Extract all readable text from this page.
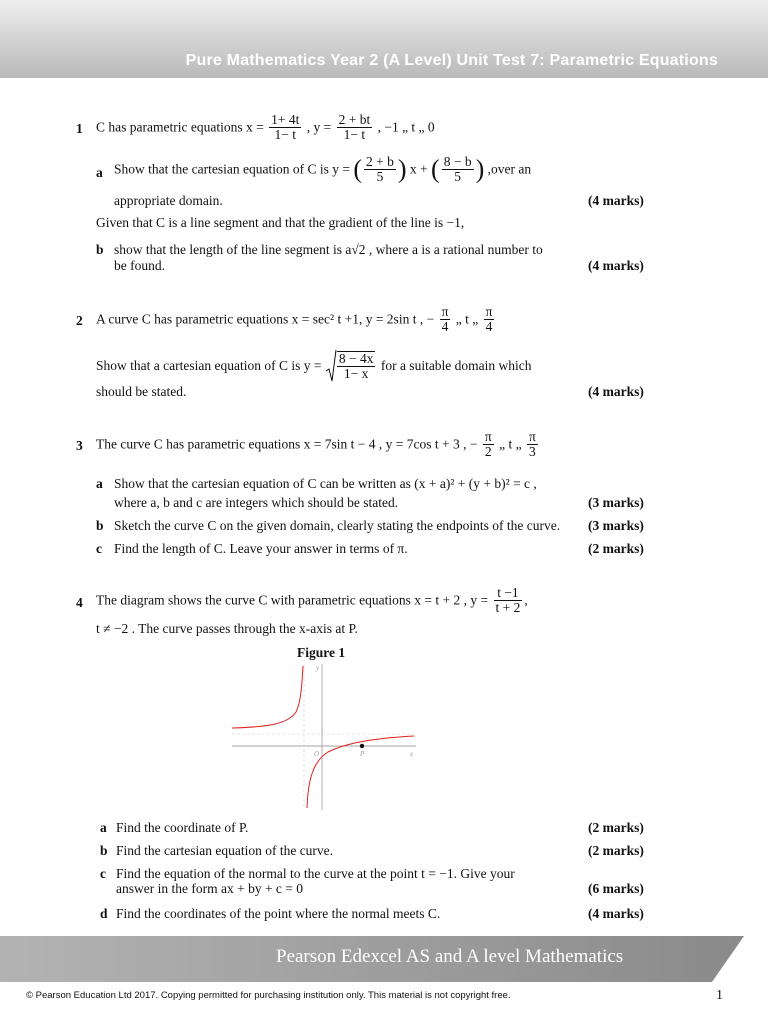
Pure Mathematics Year 2 (A Level) Unit Test 7: Parametric Equations
1 C has parametric equations $x = \frac{1+ 4t}{1- t}$ , $y = \frac{2 + bt}{1- t}$ , −1 „ t „ 0
a Show that the cartesian equation of C is y = ( $\frac{2 + b}{5}$ ) x + ( $\frac{8 - b}{5}$ ) ,over an
appropriate domain.	(4 marks)
Given that C is a line segment and that the gradient of the line is −1,
b show that the length of the line segment is a√2 , where a is a rational number to
be found.	(4 marks)
2 A curve C has parametric equations x = sec² t +1, y = 2sin t , − $\frac{\pi}{4}$ „ t „ $\frac{\pi}{4}$
Show that a cartesian equation of C is $y = \frac{8 - 4x}{1- x}$ for a suitable domain which
should be stated.	(4 marks)
3 The curve C has parametric equations x = 7sin t − 4 , y = 7cos t + 3 , − $\frac{\pi}{2}$ „ t „ $\frac{\pi}{3}$
a Show that the cartesian equation of C can be written as (x + a)² + (y + b)² = c ,
where a, b and c are integers which should be stated.	(3 marks)
b Sketch the curve C on the given domain, clearly stating the endpoints of the curve. (3 marks)
c Find the length of C. Leave your answer in terms of π.	(2 marks)
4 The diagram shows the curve C with parametric equations x = t + 2 , $y = \frac{t -1}{t + 2}$ ,
t ≠ −2 . The curve passes through the x-axis at P.
Figure 1
y
x
O	P
a Find the coordinate of P.	(2 marks)
b Find the cartesian equation of the curve.	(2 marks)
c Find the equation of the normal to the curve at the point t = −1. Give your
answer in the form ax + by + c = 0	(6 marks)
d Find the coordinates of the point where the normal meets C.	(4 marks)
Pearson Edexcel AS and A level Mathematics
© Pearson Education Ltd 2017. Copying permitted for purchasing institution only. This material is not copyright free.	1
